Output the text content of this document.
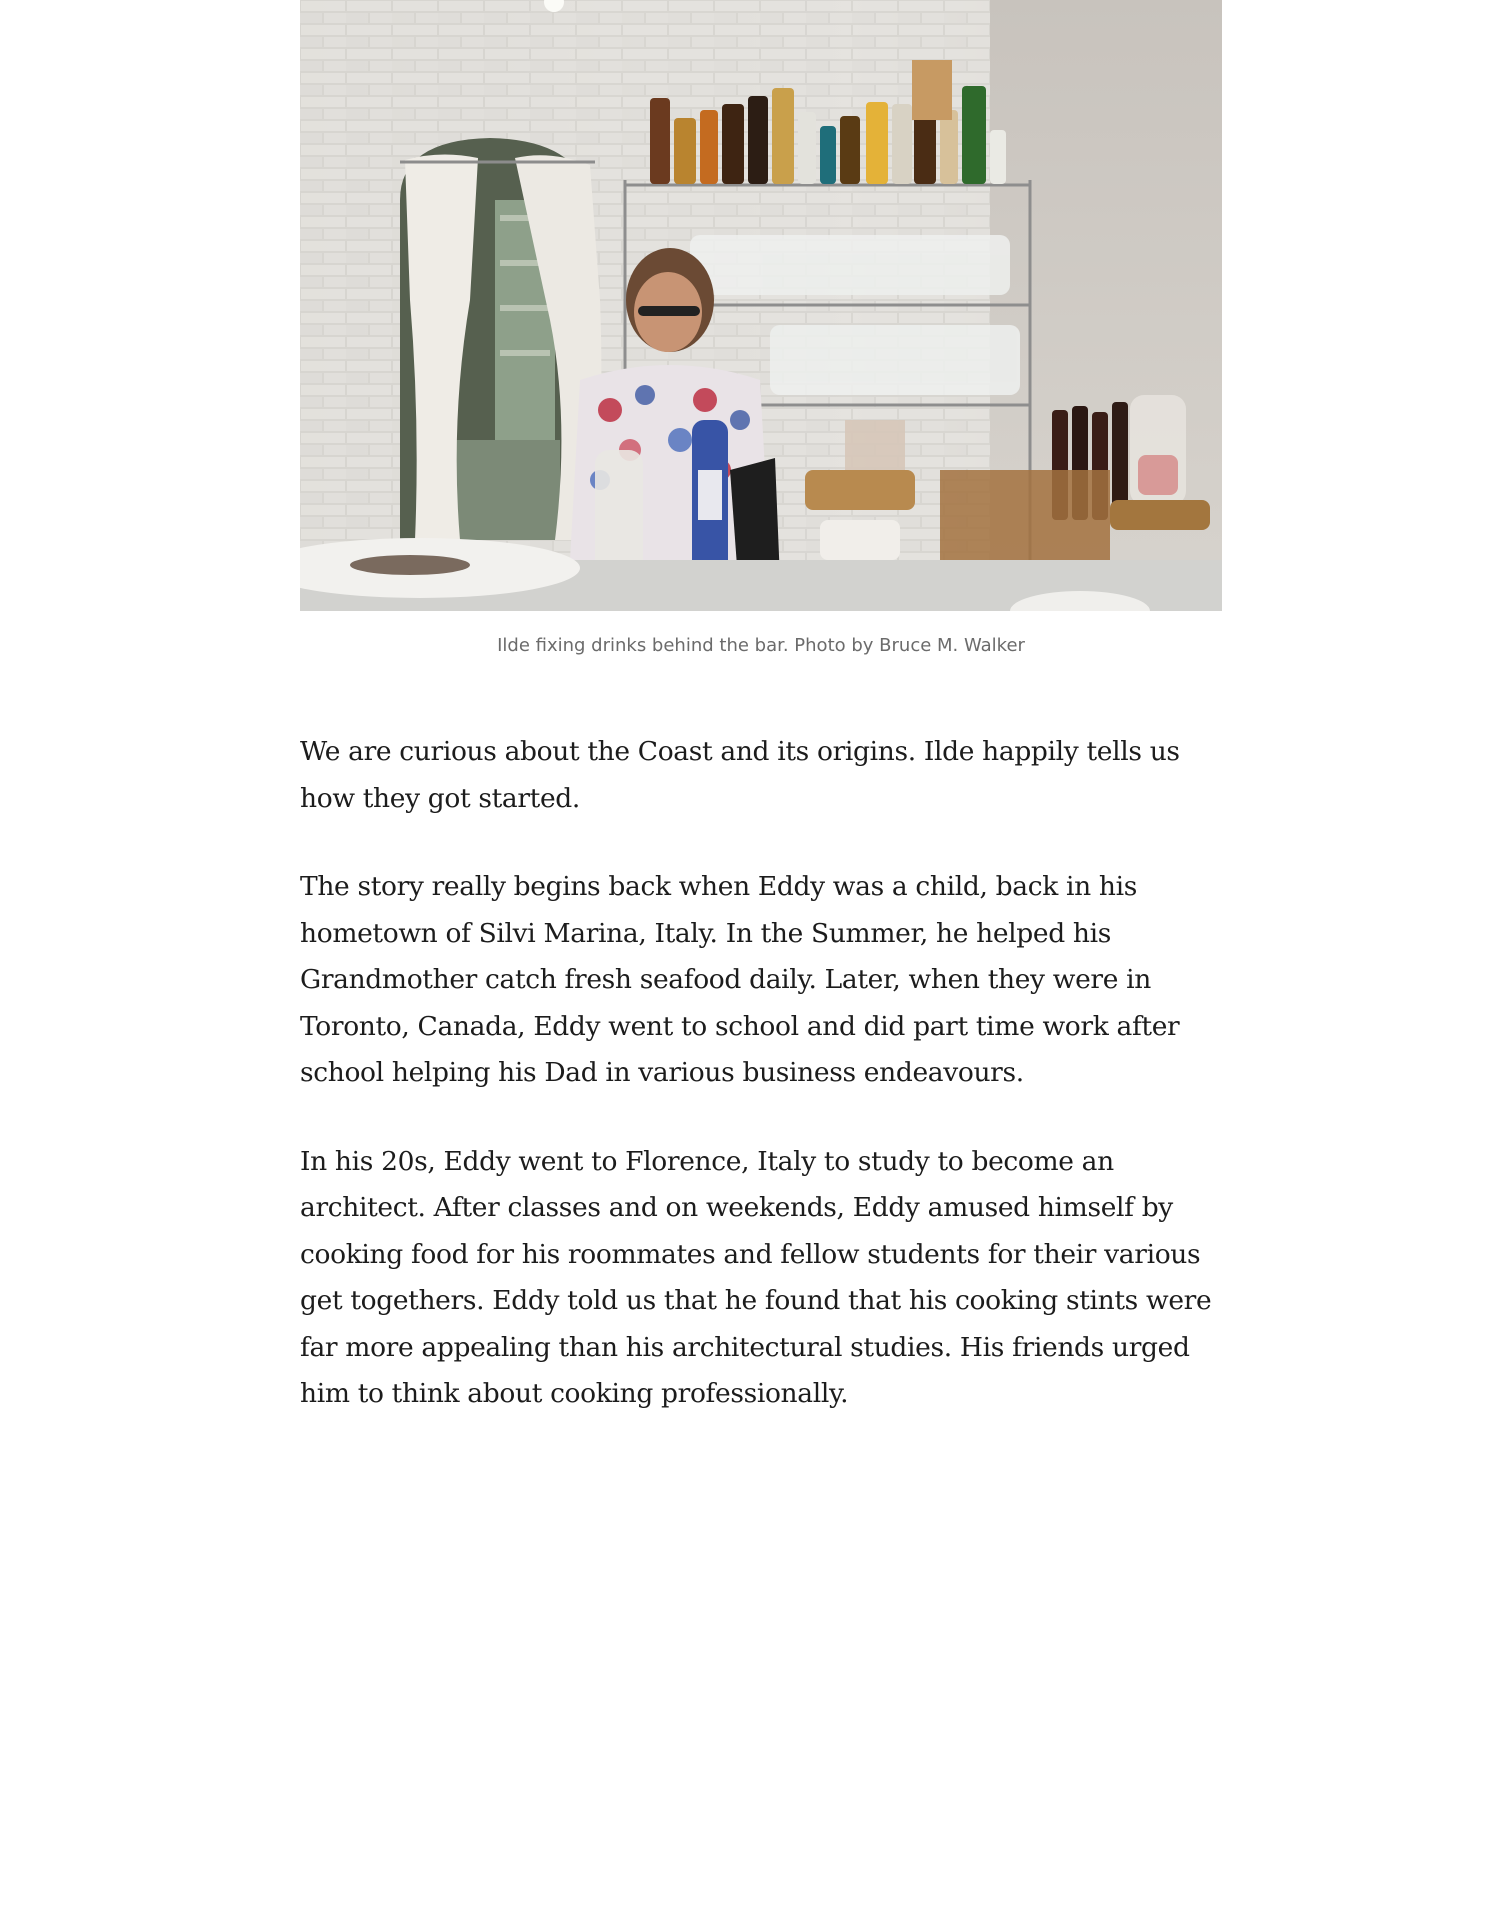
Ilde fixing drinks behind the bar. Photo by Bruce M. Walker

We are curious about the Coast and its origins. Ilde happily tells us how they got started.

The story really begins back when Eddy was a child, back in his hometown of Silvi Marina, Italy. In the Summer, he helped his Grandmother catch fresh seafood daily. Later, when they were in Toronto, Canada, Eddy went to school and did part time work after school helping his Dad in various business endeavours.

In his 20s, Eddy went to Florence, Italy to study to become an architect. After classes and on weekends, Eddy amused himself by cooking food for his roommates and fellow students for their various get togethers. Eddy told us that he found that his cooking stints were far more appealing than his architectural studies. His friends urged him to think about cooking professionally.
